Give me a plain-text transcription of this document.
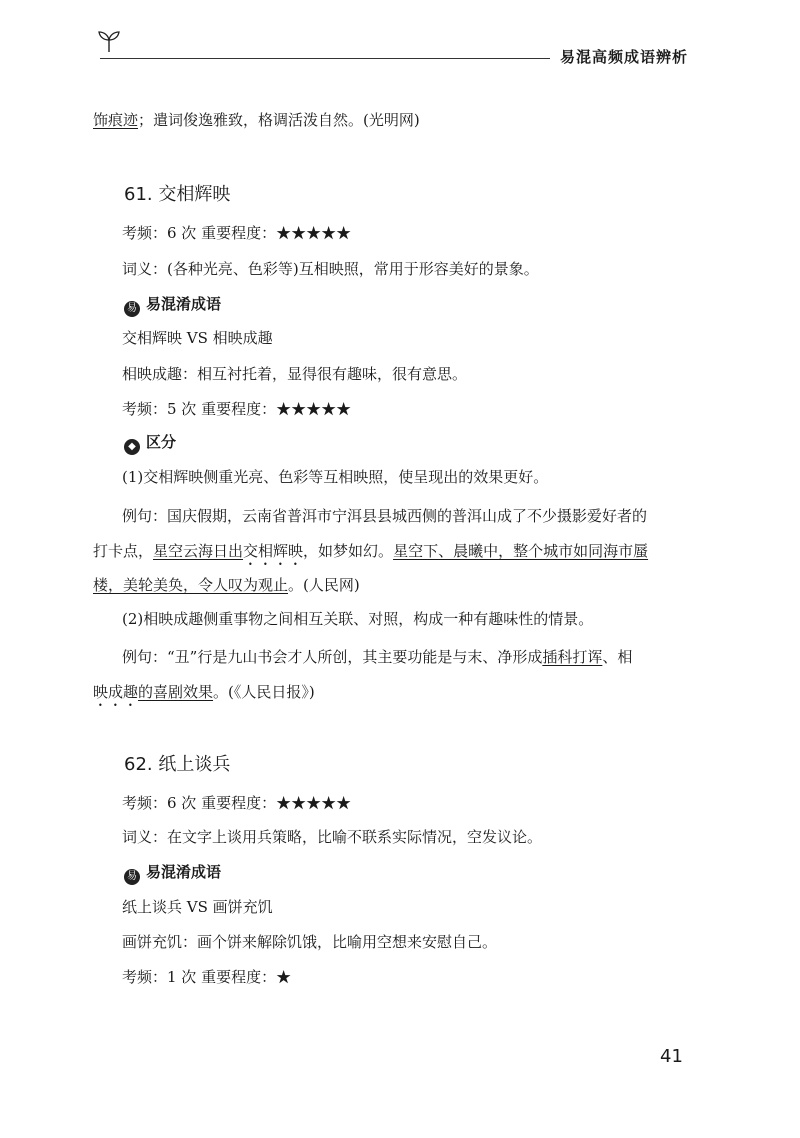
易混高频成语辨析
饰痕迹；遣词俊逸雅致，格调活泼自然。(光明网)
61. 交相辉映
考频：6 次 重要程度：★★★★★
词义：(各种光亮、色彩等)互相映照，常用于形容美好的景象。
易 易混淆成语
交相辉映 VS 相映成趣
相映成趣：相互衬托着，显得很有趣味，很有意思。
考频：5 次 重要程度：★★★★★
◆ 区分
(1)交相辉映侧重光亮、色彩等互相映照，使呈现出的效果更好。
例句：国庆假期，云南省普洱市宁洱县县城西侧的普洱山成了不少摄影爱好者的
打卡点，星空云海日出交相辉映，如梦如幻。星空下、晨曦中，整个城市如同海市蜃
楼，美轮美奂，令人叹为观止。(人民网)
(2)相映成趣侧重事物之间相互关联、对照，构成一种有趣味性的情景。
例句：“丑”行是九山书会才人所创，其主要功能是与末、净形成插科打诨、相
映成趣的喜剧效果。(《人民日报》)
62. 纸上谈兵
考频：6 次 重要程度：★★★★★
词义：在文字上谈用兵策略，比喻不联系实际情况，空发议论。
易 易混淆成语
纸上谈兵 VS 画饼充饥
画饼充饥：画个饼来解除饥饿，比喻用空想来安慰自己。
考频：1 次 重要程度：★
41
